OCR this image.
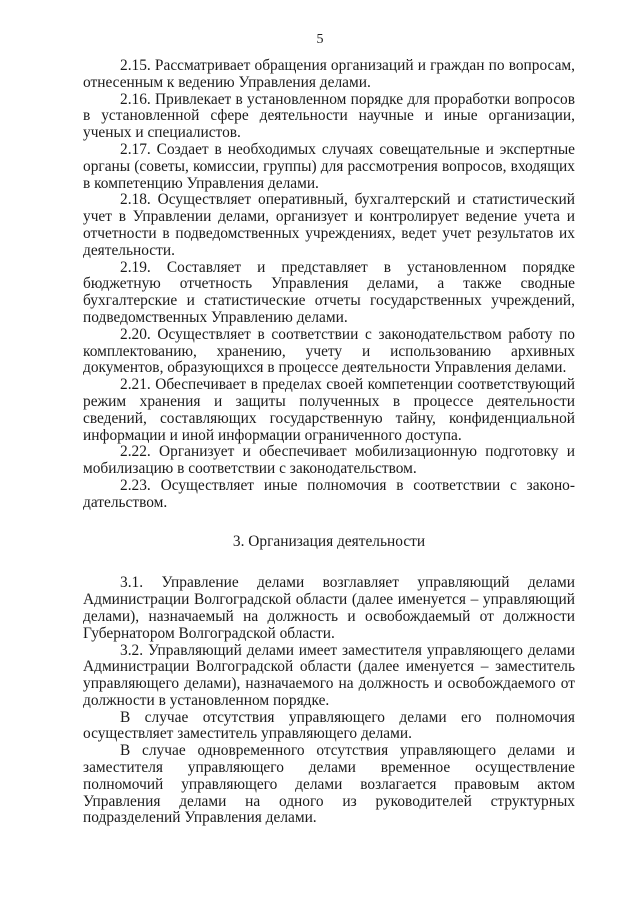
5

2.15. Рассматривает обращения организаций и граждан по вопросам, отнесенным к ведению Управления делами.

2.16. Привлекает в установленном порядке для проработки вопросов в установленной сфере деятельности научные и иные организации, ученых и специалистов.

2.17. Создает в необходимых случаях совещательные и экспертные органы (советы, комиссии, группы) для рассмотрения вопросов, входящих в компетенцию Управления делами.

2.18. Осуществляет оперативный, бухгалтерский и статистический учет в Управлении делами, организует и контролирует ведение учета и отчетности в подведомственных учреждениях, ведет учет результатов их деятельности.

2.19. Составляет и представляет в установленном порядке бюджетную отчетность Управления делами, а также сводные бухгалтерские и статистические отчеты государственных учреждений, подведомственных Управлению делами.

2.20. Осуществляет в соответствии с законодательством работу по комплектованию, хранению, учету и использованию архивных документов, образующихся в процессе деятельности Управления делами.

2.21. Обеспечивает в пределах своей компетенции соответствующий режим хранения и защиты полученных в процессе деятельности сведений, составляющих государственную тайну, конфиденциальной информации и иной информации ограниченного доступа.

2.22. Организует и обеспечивает мобилизационную подготовку и мобилизацию в соответствии с законодательством.

2.23. Осуществляет иные полномочия в соответствии с законо-дательством.

3. Организация деятельности

3.1. Управление делами возглавляет управляющий делами Администрации Волгоградской области (далее именуется – управляющий делами), назначаемый на должность и освобождаемый от должности Губернатором Волгоградской области.

3.2. Управляющий делами имеет заместителя управляющего делами Администрации Волгоградской области (далее именуется – заместитель управляющего делами), назначаемого на должность и освобождаемого от должности в установленном порядке.

В случае отсутствия управляющего делами его полномочия осуществляет заместитель управляющего делами.

В случае одновременного отсутствия управляющего делами и заместителя управляющего делами временное осуществление полномочий управляющего делами возлагается правовым актом Управления делами на одного из руководителей структурных подразделений Управления делами.
